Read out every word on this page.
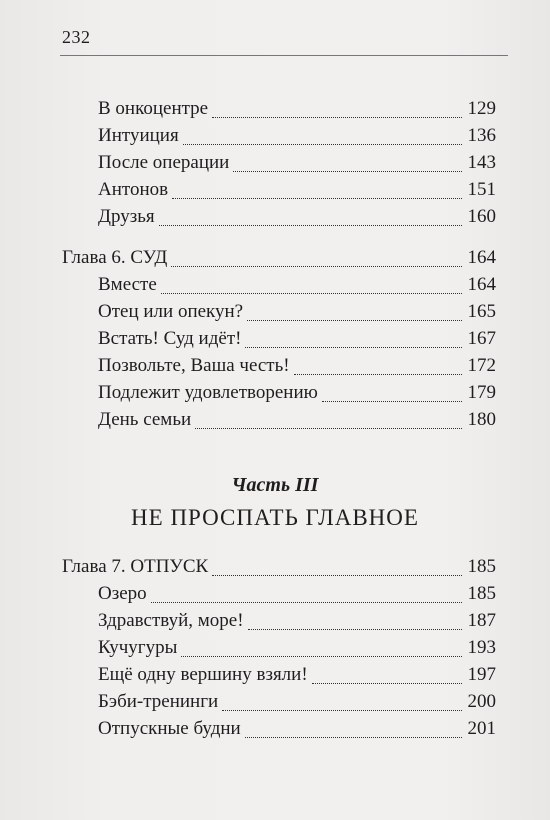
232
В онкоцентре	129
Интуиция	136
После операции	143
Антонов	151
Друзья	160
Глава 6. СУД	164
Вместе	164
Отец или опекун?	165
Встать! Суд идёт!	167
Позвольте, Ваша честь!	172
Подлежит удовлетворению	179
День семьи	180
Часть III
НЕ ПРОСПАТЬ ГЛАВНОЕ
Глава 7. ОТПУСК	185
Озеро	185
Здравствуй, море!	187
Кучугуры	193
Ещё одну вершину взяли!	197
Бэби-тренинги	200
Отпускные будни	201
